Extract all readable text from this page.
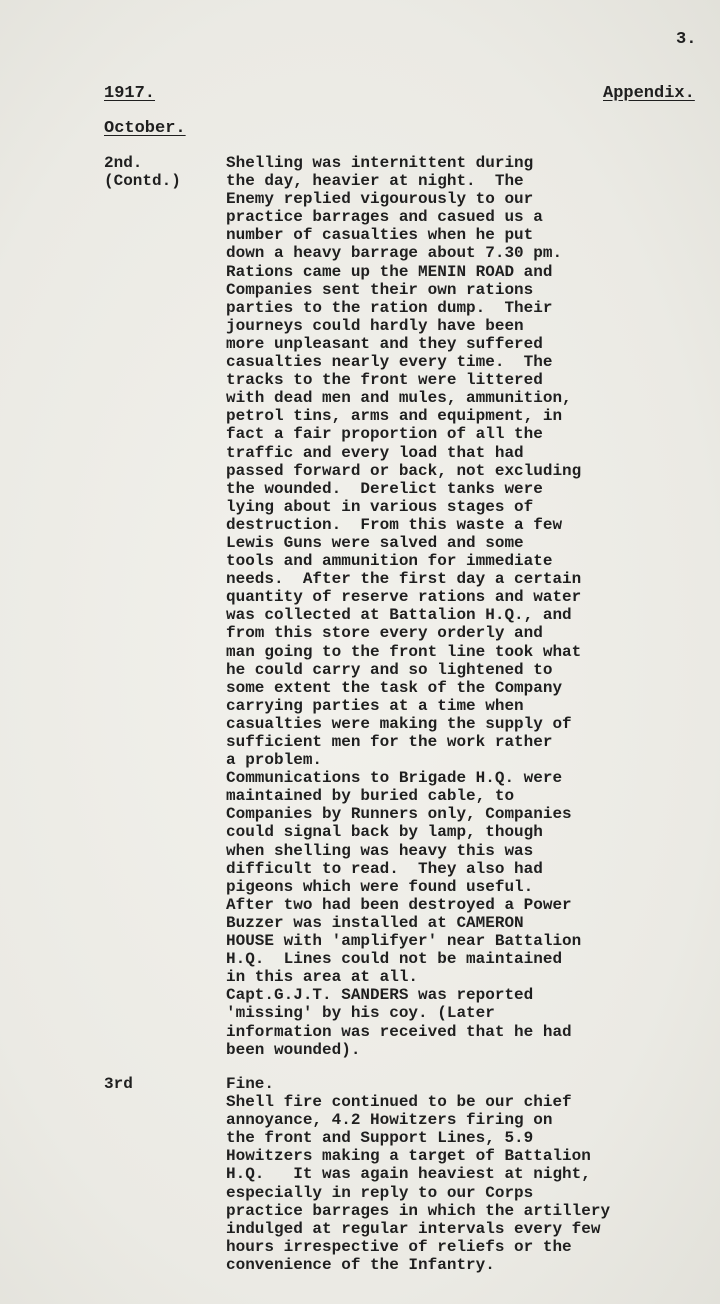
3.
1917.	Appendix.
October.
2nd.
(Contd.)
Shelling was internittent during
the day, heavier at night.  The
Enemy replied vigourously to our
practice barrages and casued us a
number of casualties when he put
down a heavy barrage about 7.30 pm.
Rations came up the MENIN ROAD and
Companies sent their own rations
parties to the ration dump.  Their
journeys could hardly have been
more unpleasant and they suffered
casualties nearly every time.  The
tracks to the front were littered
with dead men and mules, ammunition,
petrol tins, arms and equipment, in
fact a fair proportion of all the
traffic and every load that had
passed forward or back, not excluding
the wounded.  Derelict tanks were
lying about in various stages of
destruction.  From this waste a few
Lewis Guns were salved and some
tools and ammunition for immediate
needs.  After the first day a certain
quantity of reserve rations and water
was collected at Battalion H.Q., and
from this store every orderly and
man going to the front line took what
he could carry and so lightened to
some extent the task of the Company
carrying parties at a time when
casualties were making the supply of
sufficient men for the work rather
a problem.
Communications to Brigade H.Q. were
maintained by buried cable, to
Companies by Runners only, Companies
could signal back by lamp, though
when shelling was heavy this was
difficult to read.  They also had
pigeons which were found useful.
After two had been destroyed a Power
Buzzer was installed at CAMERON
HOUSE with 'amplifyer' near Battalion
H.Q.  Lines could not be maintained
in this area at all.
Capt.G.J.T. SANDERS was reported
'missing' by his coy. (Later
information was received that he had
been wounded).
3rd	Fine.
Shell fire continued to be our chief
annoyance, 4.2 Howitzers firing on
the front and Support Lines, 5.9
Howitzers making a target of Battalion
H.Q.   It was again heaviest at night,
especially in reply to our Corps
practice barrages in which the artillery
indulged at regular intervals every few
hours irrespective of reliefs or the
convenience of the Infantry.
